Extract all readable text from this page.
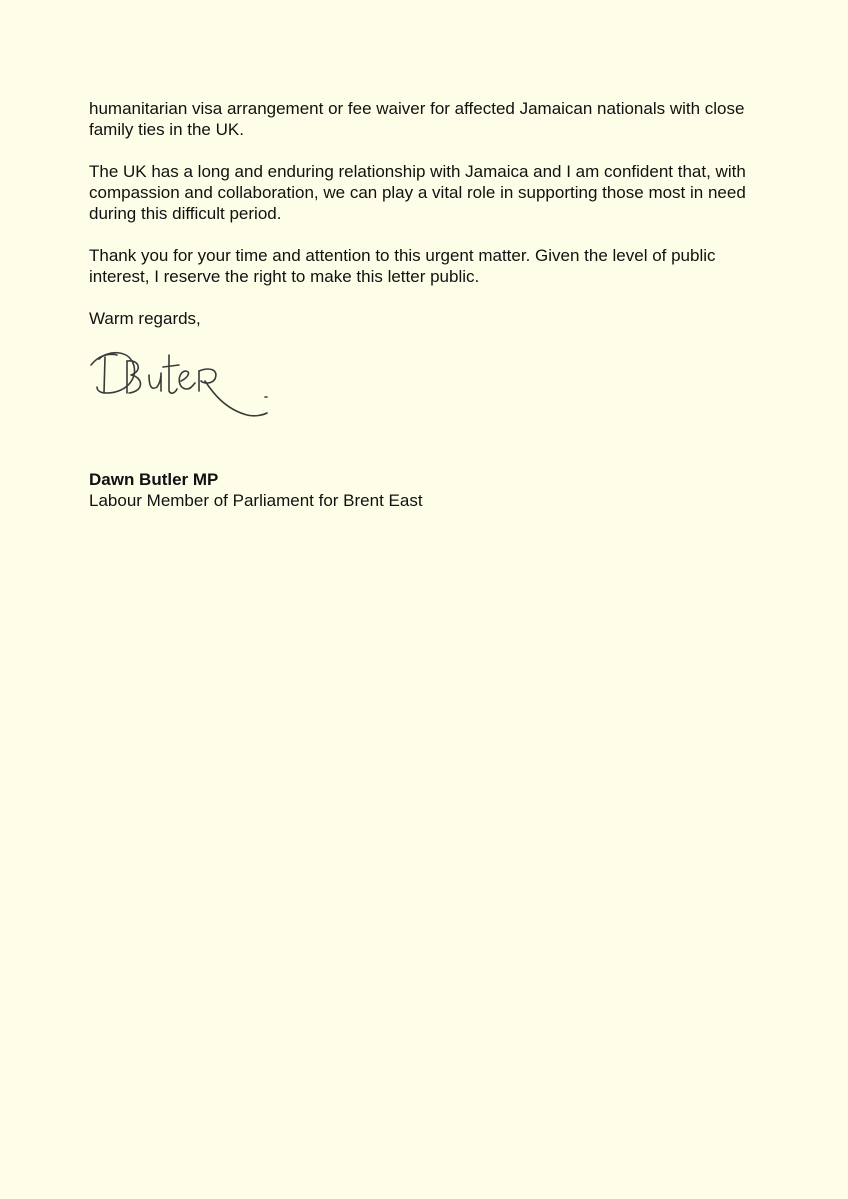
humanitarian visa arrangement or fee waiver for affected Jamaican nationals with close family ties in the UK.

The UK has a long and enduring relationship with Jamaica and I am confident that, with compassion and collaboration, we can play a vital role in supporting those most in need during this difficult period.

Thank you for your time and attention to this urgent matter. Given the level of public interest, I reserve the right to make this letter public.

Warm regards,

Dawn Butler MP
Labour Member of Parliament for Brent East
